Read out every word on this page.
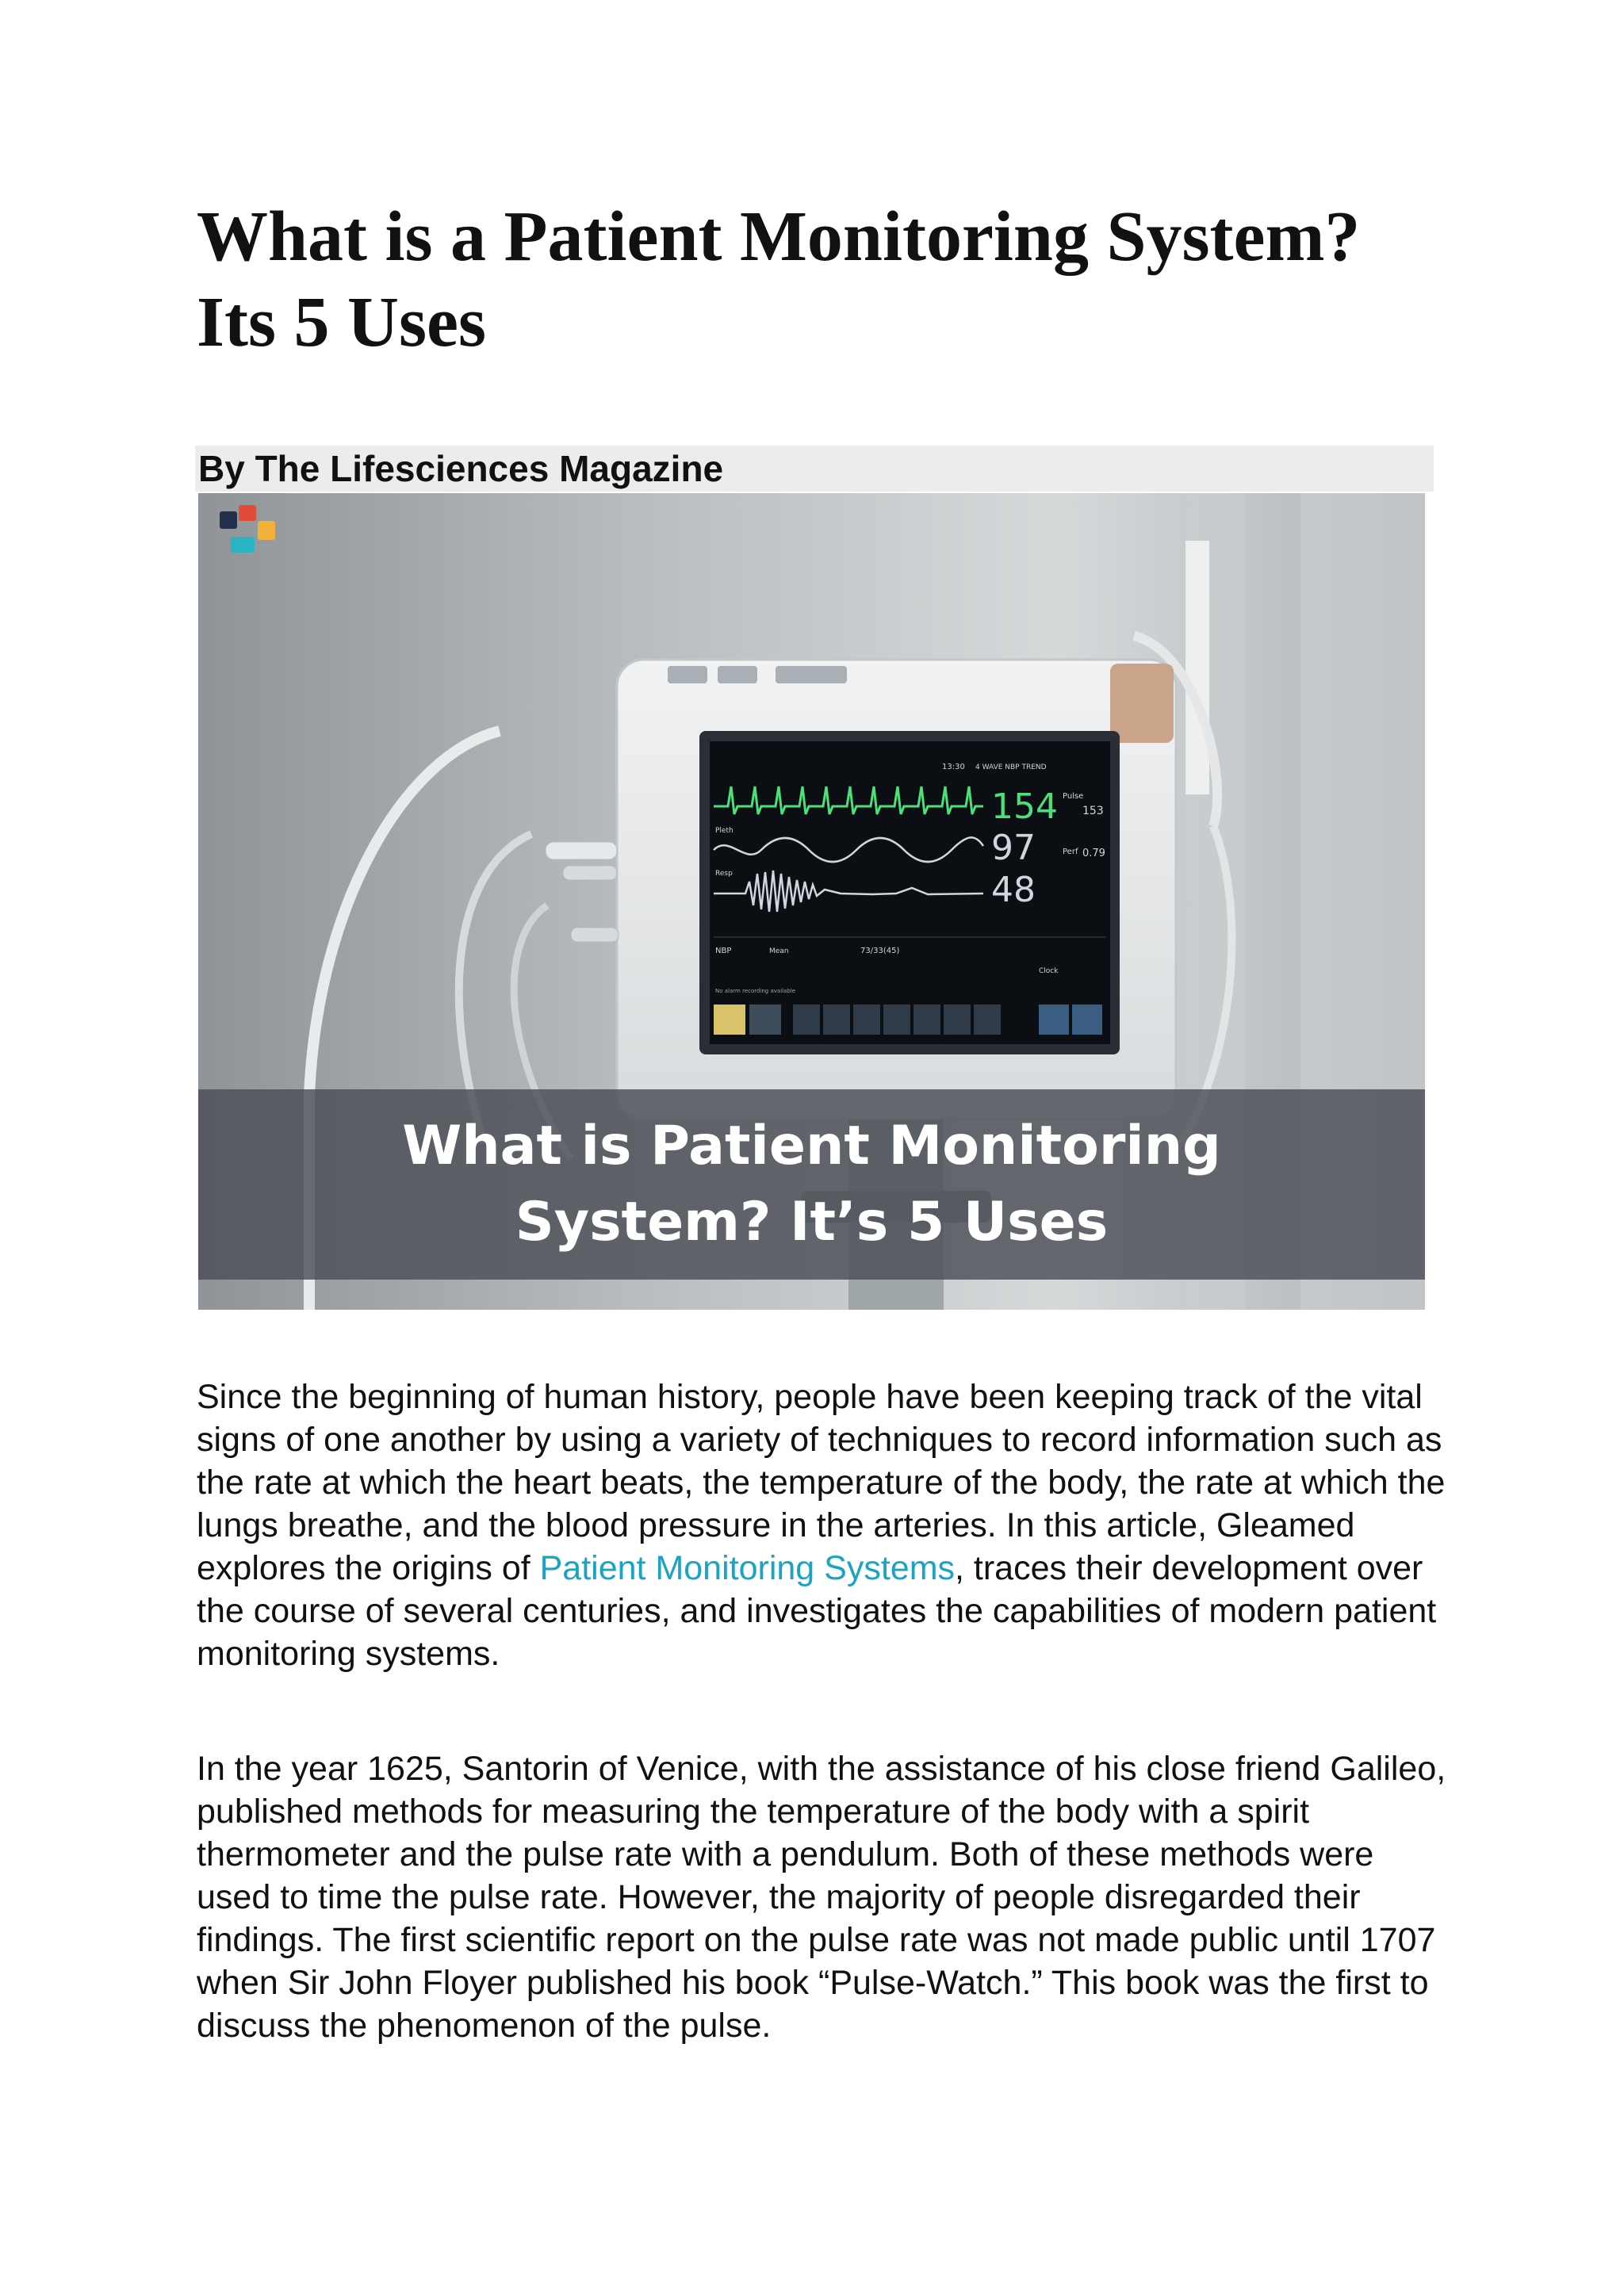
What is a Patient Monitoring System?
Its 5 Uses
By The Lifesciences Magazine
13:30 4 WAVE NBP TREND
Pleth
Resp
154
97
48
Pulse
153
Perf 0.79
NBP	Mean	73/33(45)
Clock
No alarm recording available
What is Patient Monitoring
System? It’s 5 Uses

Since the beginning of human history, people have been keeping track of the vital signs of one another by using a variety of techniques to record information such as the rate at which the heart beats, the temperature of the body, the rate at which the lungs breathe, and the blood pressure in the arteries. In this article, Gleamed explores the origins of Patient Monitoring Systems, traces their development over the course of several centuries, and investigates the capabilities of modern patient monitoring systems.

In the year 1625, Santorin of Venice, with the assistance of his close friend Galileo, published methods for measuring the temperature of the body with a spirit thermometer and the pulse rate with a pendulum. Both of these methods were used to time the pulse rate. However, the majority of people disregarded their findings. The first scientific report on the pulse rate was not made public until 1707 when Sir John Floyer published his book “Pulse-Watch.” This book was the first to discuss the phenomenon of the pulse.
